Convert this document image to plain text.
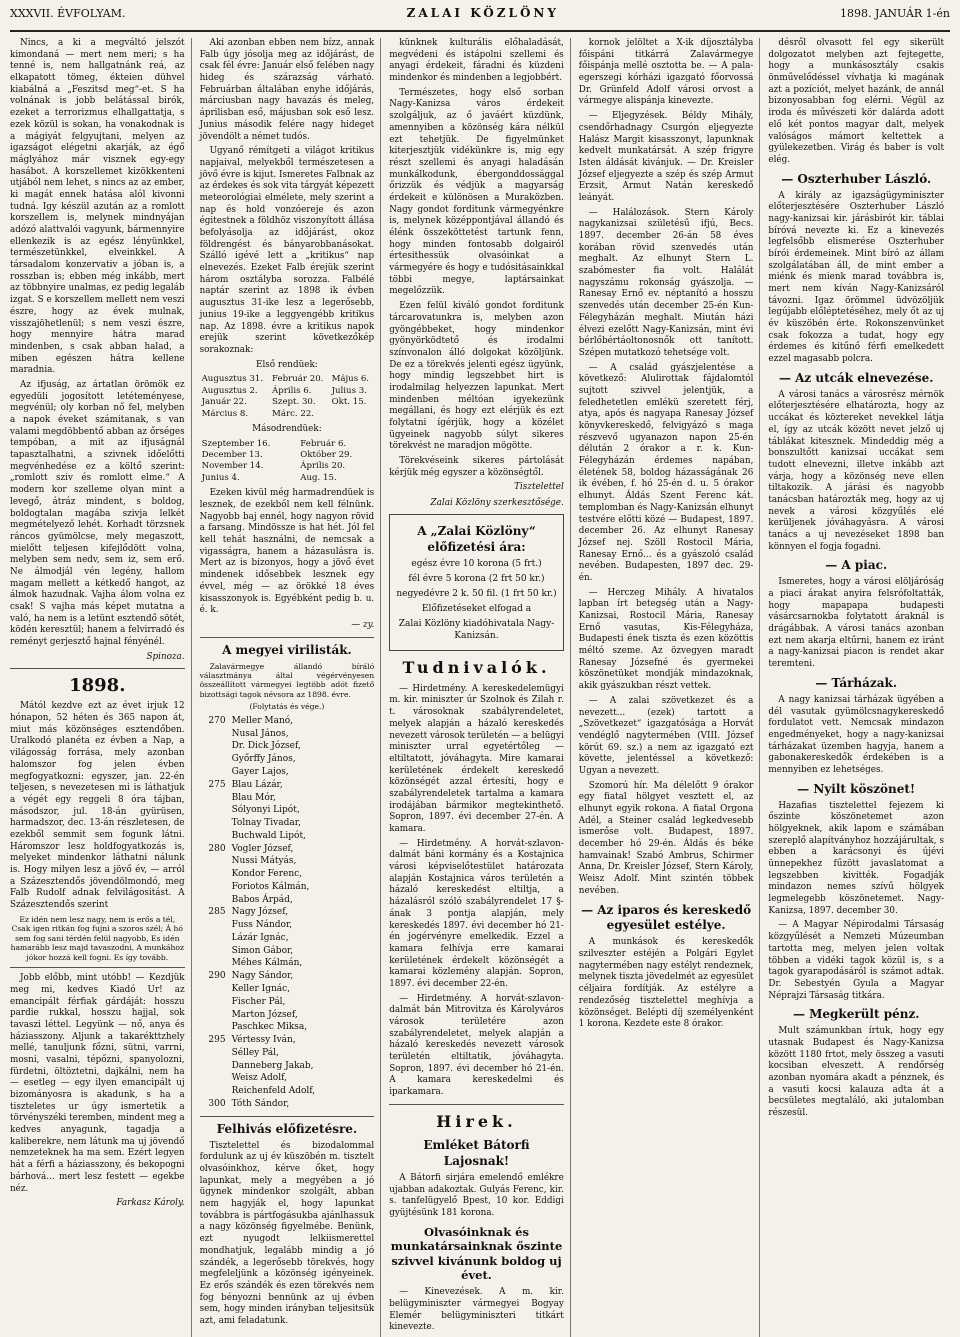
XXXVII. ÉVFOLYAM.	ZALAI KÖZLÖNY	1898. JANUÁR 1-én

Nincs, a ki a megváltó jelszót kimondaná — mert nem meri; s ha tenné is, nem hallgatnánk reá, az elkapatott tömeg, ékteien dühvel kiabálná a „Feszitsd meg“-et. S ha volnának is jobb belátással birók, ezeket a terrorizmus elhallgattatja, s ezek közül is sokan, ha vonakodnak is a mágiyát felgyujtani, melyen az igazságot elégetni akarják, az égő máglyához már visznek egy-egy hasábot. A korszellemet kizökkenteni utjából nem lehet, s nincs az az ember, ki magát ennek hatása alól kivonni tudná. Igy készül azután az a romlott korszellem is, melynek mindnyájan adózó alattvalói vagyunk, bármennyire ellenkezik is az egész lényünkkel, természetünkkel, elveinkkel. A társadalom konzervativ a jóban is, a rosszban is; ebben még inkább, mert az többnyire unalmas, ez pedig legaláb izgat. S e korszellem mellett nem veszi észre, hogy az évek mulnak, visszajöhetlenül; s nem veszi észre, hogy mennyire hátra marad mindenben, s csak abban halad, a miben egészen hátra kellene maradnia.

Az ifjuság, az ártatlan örömök ez egyedüli jogosított letéteményese, megvénül; oly korban nő fel, melyben a napok éveket számitanak, s van valami megdöbbentő abban az őrséges tempóban, a mit az ifjuságnál tapasztalhatni, a szivnek időelőtti megvénhedése ez a költő szerint: „romlott sziv és romlott elme.“ A modern kor szelleme olyan mint a levegő, átráz mindent, s boldog, boldogtalan magába szivja lelkét megmételyező lehét. Korhadt törzsnek ráncos gyümölcse, mely megaszott, mielőtt teljesen kifejlődött volna, melyben sem nedv, sem iz, sem erő. Ne álmodjál vén legény, hallom magam mellett a kétkedő hangot, az álmok hazudnak. Vajha álom volna ez csak! S vajha más képet mutatna a való, ha nem is a letünt esztendő sötét, ködén keresztül; hanem a felvirradó és reményt gerjesztő hajnal fényénél.

Spinoza.

1898.

Mától kezdve ezt az évet irjuk 12 hónapon, 52 héten és 365 napon át, miut más közönséges esztendőben. Uralkodó planéta ez évben a Nap, a világosság forrása, mely azonban halomszor fog jelen évben megfogyatkozni: egyszer, jan. 22-én teljesen, s nevezetesen mi is láthatjuk a végét egy reggeli 8 óra tájban, másodszor, jul. 18-án gyürüsen, harmadszor, dec. 13-án részletesen, de ezekből semmit sem fogunk látni. Háromszor lesz holdfogyatkozás is, melyeket mindenkor láthatni nálunk is. Hogy milyen lesz a jövő év, — arról a Százesztendős jövendölmondó, meg Falb Rudolf adnak felvilágositást. A Százesztendős szerint

Ez idén nem lesz nagy, nem is erős a tél, Csak igen ritkán fog fujni a szoros szél; Á hó sem fog sani térdén felül nagyobb, Es idén hamarább lesz majd tavaszodni, A munkához jókor hozzá kell fogni. Es így tovább.

Jobb előbb, mint utóbb! — Kezdjük meg mi, kedves Kiadó Ur! az emancipált férfiak gárdáját: hosszu pardie rukkal, hosszu hajjal, sok tavaszi léttel. Legyünk — nő, anya és háziasszony. Aljunk a takarékttzhely mellé, tanuljunk főzni, sütni, varrni, mosni, vasalni, tépőzni, spanyolozni, fürdetni, öltöztetni, dajkálni, nem ha — esetleg — egy ilyen emancipált uj bizományosra is akadunk, s ha a tiszteletes ur úgy ismertetik a törvényszéki teremben, mindent meg a kedves anyagunk, tagadja a kaliberekre, nem látunk ma uj jövendő nemzeteknek ha ma sem. Ezért legyen hát a férfi a háziasszony, és bekopogni bárhová... mert lesz festett — egekbe néz.

Farkasz Károly.

Aki azonban ebben nem bízz, annak Falb úgy jósolja meg az időjárást, de csak fél évre: Január első felében nagy hideg és szárazság várható. Februárban általában enyhe időjárás, márciusban nagy havazás és meleg, áprilisban eső, májusban sok eső lesz. Junius második felére nagy hideget jövendölt a német tudós.

Ugyanő rémítgeti a világot kritikus napjaival, melyekből természetesen a jövő évre is kijut. Ismeretes Falbnak az az érdekes és sok vita tárgyát képezett meteorológiai elmélete, mely szerint a nap és hold vonzóereje és azon égitestnek a földhöz viszonyított állása befolyásolja az időjárást, okoz földrengést és bányarobbanásokat. Szálló igévé lett a „kritikus“ nap elnevezés. Ezeket Falb érejük szerint három osztályba sorozza. Falbélé naptár szerint az 1898 ik évben augusztus 31-ike lesz a legerősebb, junius 19-ike a leggyengébb kritikus nap. Az 1898. évre a kritikus napok erejük szerint következőkép sorakoznak:

Első rendüek:

Augusztus 31.	Február 20.	Május 6.
Augusztus 2.	Április 6.	Julius 3.
Január 22.	Szept. 30.	Okt. 15.
Március 8.	Márc. 22.	

Másodrendüek:

Szeptember 16.	Február 6.
December 13.	Október 29.
November 14.	Április 20.
Junius 4.	Aug. 15.

Ezeken kivül még harmadrendüek is lesznek, de ezekből nem kell félnünk. Nagyobb baj ennél, hogy nagyon rövid a farsang. Mindössze is hat hét. Jól fel kell tehát használni, de nemcsak a vigasságra, hanem a házasulásra is. Mert az is bizonyos, hogy a jövő évet mindenek idősebbek lesznek egy évvel, még — az örökké 18 éves kisasszonyok is. Egyébként pedig b. u. é. k.

— zy.

A megyei virilisták.

Zalavármegye állandó bíráló választmánya által végérvényesen összeállított vármegyei legtöbb adót fizető bizottsági tagok névsora az 1898. évre.

(Folytatás és vége.)

270 Meller Manó,
Nusal János,
Dr. Dick József,
Győrffy János,
Gayer Lajos,
275 Blau Lázár,
Blau Mór,
Sólyonyi Lipót,
Tolnay Tivadar,
Buchwald Lipót,
280 Vogler József,
Nussi Mátyás,
Kondor Ferenc,
Foriotos Kálmán,
Babos Árpád,
285 Nagy József,
Fuss Nándor,
Lázár Ignác,
Simon Gábor,
Méhes Kálmán,
290 Nagy Sándor,
Keller Ignác,
Fischer Pál,
Marton József,
Paschkec Miksa,
295 Vértessy Iván,
Sélley Pál,
Danneberg Jakab,
Weisz Adolf,
Reichenfeld Adolf,
300 Tóth Sándor,

Felhivás előfizetésre.

Tisztelettel és bizodalommal fordulunk az uj év küszöbén m. tisztelt olvasóinkhoz, kérve őket, hogy lapunkat, mely a megyében a jó ügynek mindenkor szolgált, abban nem hagyják el, hogy lapunkat továbbra is pártfogásukba ajánlhassuk a nagy közönség figyelmébe. Benünk, ezt nyugodt lelkiismerettel mondhatjuk, legalább mindig a jó szándék, a legerősebb törekvés, hogy megfeleljünk a közönség igényeinek. Ez erős szándék és ezen törekvés nem fog bényozni bennünk az uj évben sem, hogy minden irányban teljesitsük azt, ami feladatunk.

künknek kulturális előhaladását, megvédeni és istápolni szellemi és anyagi érdekeit, fáradni és küzdeni mindenkor és mindenben a legjobbért.

Természetes, hogy első sorban Nagy-Kanizsa város érdekeit szolgáljuk, az ő javáért küzdünk, amennyiben a közönség kára nélkül ezt tehetjük. De figyelmünket kiterjesztjük vidékünkre is, mig egy részt szellemi és anyagi haladásán munkálkodunk, ébergonddossággal őrizzük és védjük a magyarság érdekeit e különösen a Muraközben. Nagy gondot forditunk vármegyénkre is, melynek középpontjával állandó és élénk összeköttetést tartunk fenn, hogy minden fontosabb dolgairól értesithessük olvasóinkat a vármegyére és hogy e tudósitásainkkal többi megye, laptársainkat megelőzzük.

Ezen felül kiváló gondot forditunk tárcarovatunkra is, melyben azon gyöngébbeket, hogy mindenkor gyönyörködtető és irodalmi színvonalon álló dolgokat közöljünk. De ez a törekvés jelenti egész ügyünk, hogy mindig legszebbet hirt is irodalmilag helyezzen lapunkat. Mert mindenben méltóan igyekezünk megállani, és hogy ezt elérjük és ezt folytatni ígérjük, hogy a közélet ügyeinek nagyobb súlyt sikeres törekvést ne maradjon mögötte.

Törekvéseink sikeres pártolását kérjük még egyszer a közönségtől.

Tisztelettel

Zalai Közlöny szerkesztősége.

A „Zalai Közlöny“ előfizetési ára:

egész évre 10 korona (5 frt.)

fél évre 5 korona (2 frt 50 kr.)

negyedévre 2 k. 50 fil. (1 frt 50 kr.)

Előfizetéseket elfogad a

Zalai Közlöny kiadóhivatala Nagy-Kanizsán.

Tudnivalók.

— Hirdetmény. A kereskedelemügyi m. kir. miniszter úr Szolnok és Zilah r. t. városoknak szabályrendeletet, melyek alapján a házaló kereskedés nevezett városok területén — a belügyi miniszter urral egyetértőleg — eltiltatott, jóváhagyta. Mire kamarai kerületének érdekelt kereskedő közönségét azzal értesíti, hogy e szabályrendeletek tartalma a kamara irodájában bármikor megtekinthető. Sopron, 1897. évi december 27-én. A kamara.

— Hirdetmény. A horvát-szlavon-dalmát báni kormány és a Kostajnica városi képviselőtestület határozata alapján Kostajnica város területén a házaló kereskedést eltiltja, a házalásról szóló szabályrendelet 17 §-ának 3 pontja alapján, mely kereskedés 1897. évi december hó 21-én jogérvényre emelkedik. Ezzel a kamara felhívja erre kamarai kerületének érdekelt közönségét a kamarai közlemény alapján. Sopron, 1897. évi december 22-én.

— Hirdetmény. A horvát-szlavon-dalmát bán Mitrovitza és Károlyváros városok területére azon szabályrendeletet, melyek alapján a házaló kereskedés nevezett városok területén eltiltatik, jóváhagyta. Sopron, 1897. évi december hó 21-én. A kamara kereskedelmi és iparkamara.

Hirek.

Emléket Bátorfi Lajosnak!

A Bátorfi sirjára emelendő emlékre ujabban adakoztak. Gulyás Ferenc, kir. s. tanfelügyelő Bpest, 10 kor. Eddigi gyüjtésünk 181 korona.

Olvasóinknak és munkatársainknak őszinte szivvel kivánunk boldog uj évet.

— Kinevezések. A m. kir. belügyminiszter vármegyei Bogyay Elemér belügyminiszteri titkárt kinevezte.

kornok jelöltet a X-ik díjosztályba főispáni titkárrá Zalavármegye főispánja mellé osztotta be. — A pala-egerszegi kórházi igazgató főorvossá Dr. Grünfeld Adolf városi orvost a vármegye alispánja kinevezte.

— Eljegyzések. Béldy Mihály, csendőrhadnagy Csurgón eljegyezte Halász Margit kisasszonyt, lapunknak kedvelt munkatársát. A szép frigyre Isten áldását kivánjuk. — Dr. Kreisler József eljegyezte a szép és szép Armut Erzsit, Armut Natán kereskedő leányát.

— Halálozások. Stern Károly nagykanizsai születésű ifjú, Becs. 1897. december 26-án 58 éves korában rövid szenvedés után meghalt. Az elhunyt Stern L. szabómester fia volt. Halálát nagyszámu rokonság gyászolja. — Ranesay Ernő ev. néptanító a hosszu szenvedés után december 25-én Kun-Félegyházán meghalt. Miután házi élvezi ezelőtt Nagy-Kanizsán, mint évi bérlőbértáoltonosnők ott tanított. Szépen mutatkozó tehetsége volt.

— A család gyászjelentése a következő: Alulirottak fájdalomtól sujtott szivvel jelentjük, a feledhetetlen emlékü szeretett férj, atya, após és nagyapa Ranesay József könyvkereskedő, felvigyázó s maga részvevő ugyanazon napon 25-én délután 2 órakor a r. k. Kun-Félegyházán érdemes napában, életének 58, boldog házasságának 26 ik évében, f. hó 25-én d. u. 5 órakor elhunyt. Áldás Szent Ferenc kát. templomban és Nagy-Kanizsán elhunyt testvére előtti közé — Budapest, 1897. december 26. Az elhunyt Ranesay József nej. Szöll Rostocil Mária, Ranesay Ernő... és a gyászoló család nevében. Budapesten, 1897 dec. 29-én.

— Herczeg Mihály. A hivatalos lapban írt betegség után a Nagy-Kanizsai, Rostocil Mária, Ranesay Ernő vasutas, Kis-Félegyháza, Budapesti ének tiszta és ezen közöttis méltó szeme. Az özvegyen maradt Ranesay Józsefné és gyermekei köszönetüket mondják mindazoknak, akik gyászukban részt vettek.

— A zalai szövetkezet és a nevezett... (ezek) tartott a „Szövetkezet“ igazgatósága a Horvát vendéglő nagytermében (VIII. József körút 69. sz.) a nem az igazgató ezt követte, jelentéssel a következő: Ugyan a nevezett.

Szomorú hír. Ma délelőtt 9 órakor egy fiatal hölgyet vesztett el, az elhunyt egyik rokona. A fiatal Orgona Adél, a Steiner család legkedvesebb ismerőse volt. Budapest, 1897. december hó 29-én. Áldás és béke hamvainak! Szabó Ambrus, Schirmer Anna, Dr. Kreisler József, Stern Károly, Weisz Adolf. Mint szintén többek nevében.

— Az iparos és kereskedő egyesület estélye.

A munkások és kereskedők szilveszter estéjén a Polgári Egylet nagytermében nagy estélyt rendeznek, melynek tiszta jövedelmét az egyesület céljaira fordítják. Az estélyre a rendezőség tisztelettel meghívja a közönséget. Belépti díj személyenként 1 korona. Kezdete este 8 órakor.

désről olvasott fel egy sikerült dolgozatot melyben azt fejtegette, hogy a munkásosztály csakis önművelődéssel vívhatja ki magának azt a pozíciót, melyet hazánk, de annál bizonyosabban fog elérni. Végül az iroda és művészeti kör dalárda adott elő két pontos magyar dalt, melyek valóságos mámort keltettek a gyülekezetben. Virág és baber is volt elég.

— Oszterhuber László.

A király az igazságügyminiszter előterjesztésére Oszterhuber László nagy-kanizsai kir. járásbirót kir. táblai bíróvá nevezte ki. Ez a kinevezés legfelsőbb elismerése Oszterhuber bírói érdemeinek. Mint bíró az állam szolgálatában áll, de mint ember a miénk és mienk marad továbbra is, mert nem kíván Nagy-Kanizsáról távozni. Igaz örömmel üdvözöljük legújabb előléptetéséhez, mely őt az uj év küszöbén érte. Rokonszenvünket csak fokozza a tudat, hogy egy érdemes és kitűnő férfi emelkedett ezzel magasabb polcra.

— Az utcák elnevezése.

A városi tanács a városrész mérnök előterjesztésére elhatározta, hogy az uccákat és köztereket nevekkel látja el, így az utcák között nevet jelző uj táblákat kitesznek. Mindeddig még a bonszultőtt kanizsai uccákat sem tudott elnevezni, illetve inkább azt várja, hogy a közönség neve ellen tiltakozik. A járási és nagyobb tanácsban határozták meg, hogy az uj nevek a városi közgyűlés elé kerüljenek jóváhagyásra. A városi tanács a uj nevezéseket 1898 ban könnyen el fogja fogadni.

— A piac.

Ismeretes, hogy a városi elöljáróság a piaci árakat anyira felsrófoltatták, hogy mapapapa budapesti vásárcsarnokba folytatott áraknál is drágábbak. A városi tanács azonban ezt nem akarja eltűrni, hanem ez iránt a nagy-kanizsai piacon is rendet akar teremteni.

— Tárházak.

A nagy kanizsai tárházak ügyében a dél vasutak gyümölcsnagykereskedő fordulatot vett. Nemcsak mindazon engedményeket, hogy a nagy-kanizsai tárházakat üzemben hagyja, hanem a gabonakereskedők érdekében is a mennyiben ez lehetséges.

— Nyilt köszönet!

Hazafias tisztelettel fejezem ki őszinte köszönetemet azon hölgyeknek, akik lapom e számában szereplő alapítványhoz hozzájárultak, s ebben a karácsonyi és újévi ünnepekhez fűzött javaslatomat a legszebben kivitték. Fogadják mindazon nemes szívű hölgyek legmelegebb köszönetemet. Nagy-Kanizsa, 1897. december 30.

— A Magyar Népirodalmi Társaság közgyűlését a Nemzeti Múzeumban tartotta meg, melyen jelen voltak többen a vidéki tagok közül is, s a tagok gyarapodásáról is számot adtak. Dr. Sebestyén Gyula a Magyar Néprajzi Társaság titkára.

— Megkerült pénz.

Mult számunkban írtuk, hogy egy utasnak Budapest és Nagy-Kanizsa között 1180 frtot, mely összeg a vasuti kocsiban elveszett. A rendőrség azonban nyomára akadt a pénznek, és a vasuti kocsi kalauza adta át a becsületes megtaláló, aki jutalomban részesül.
